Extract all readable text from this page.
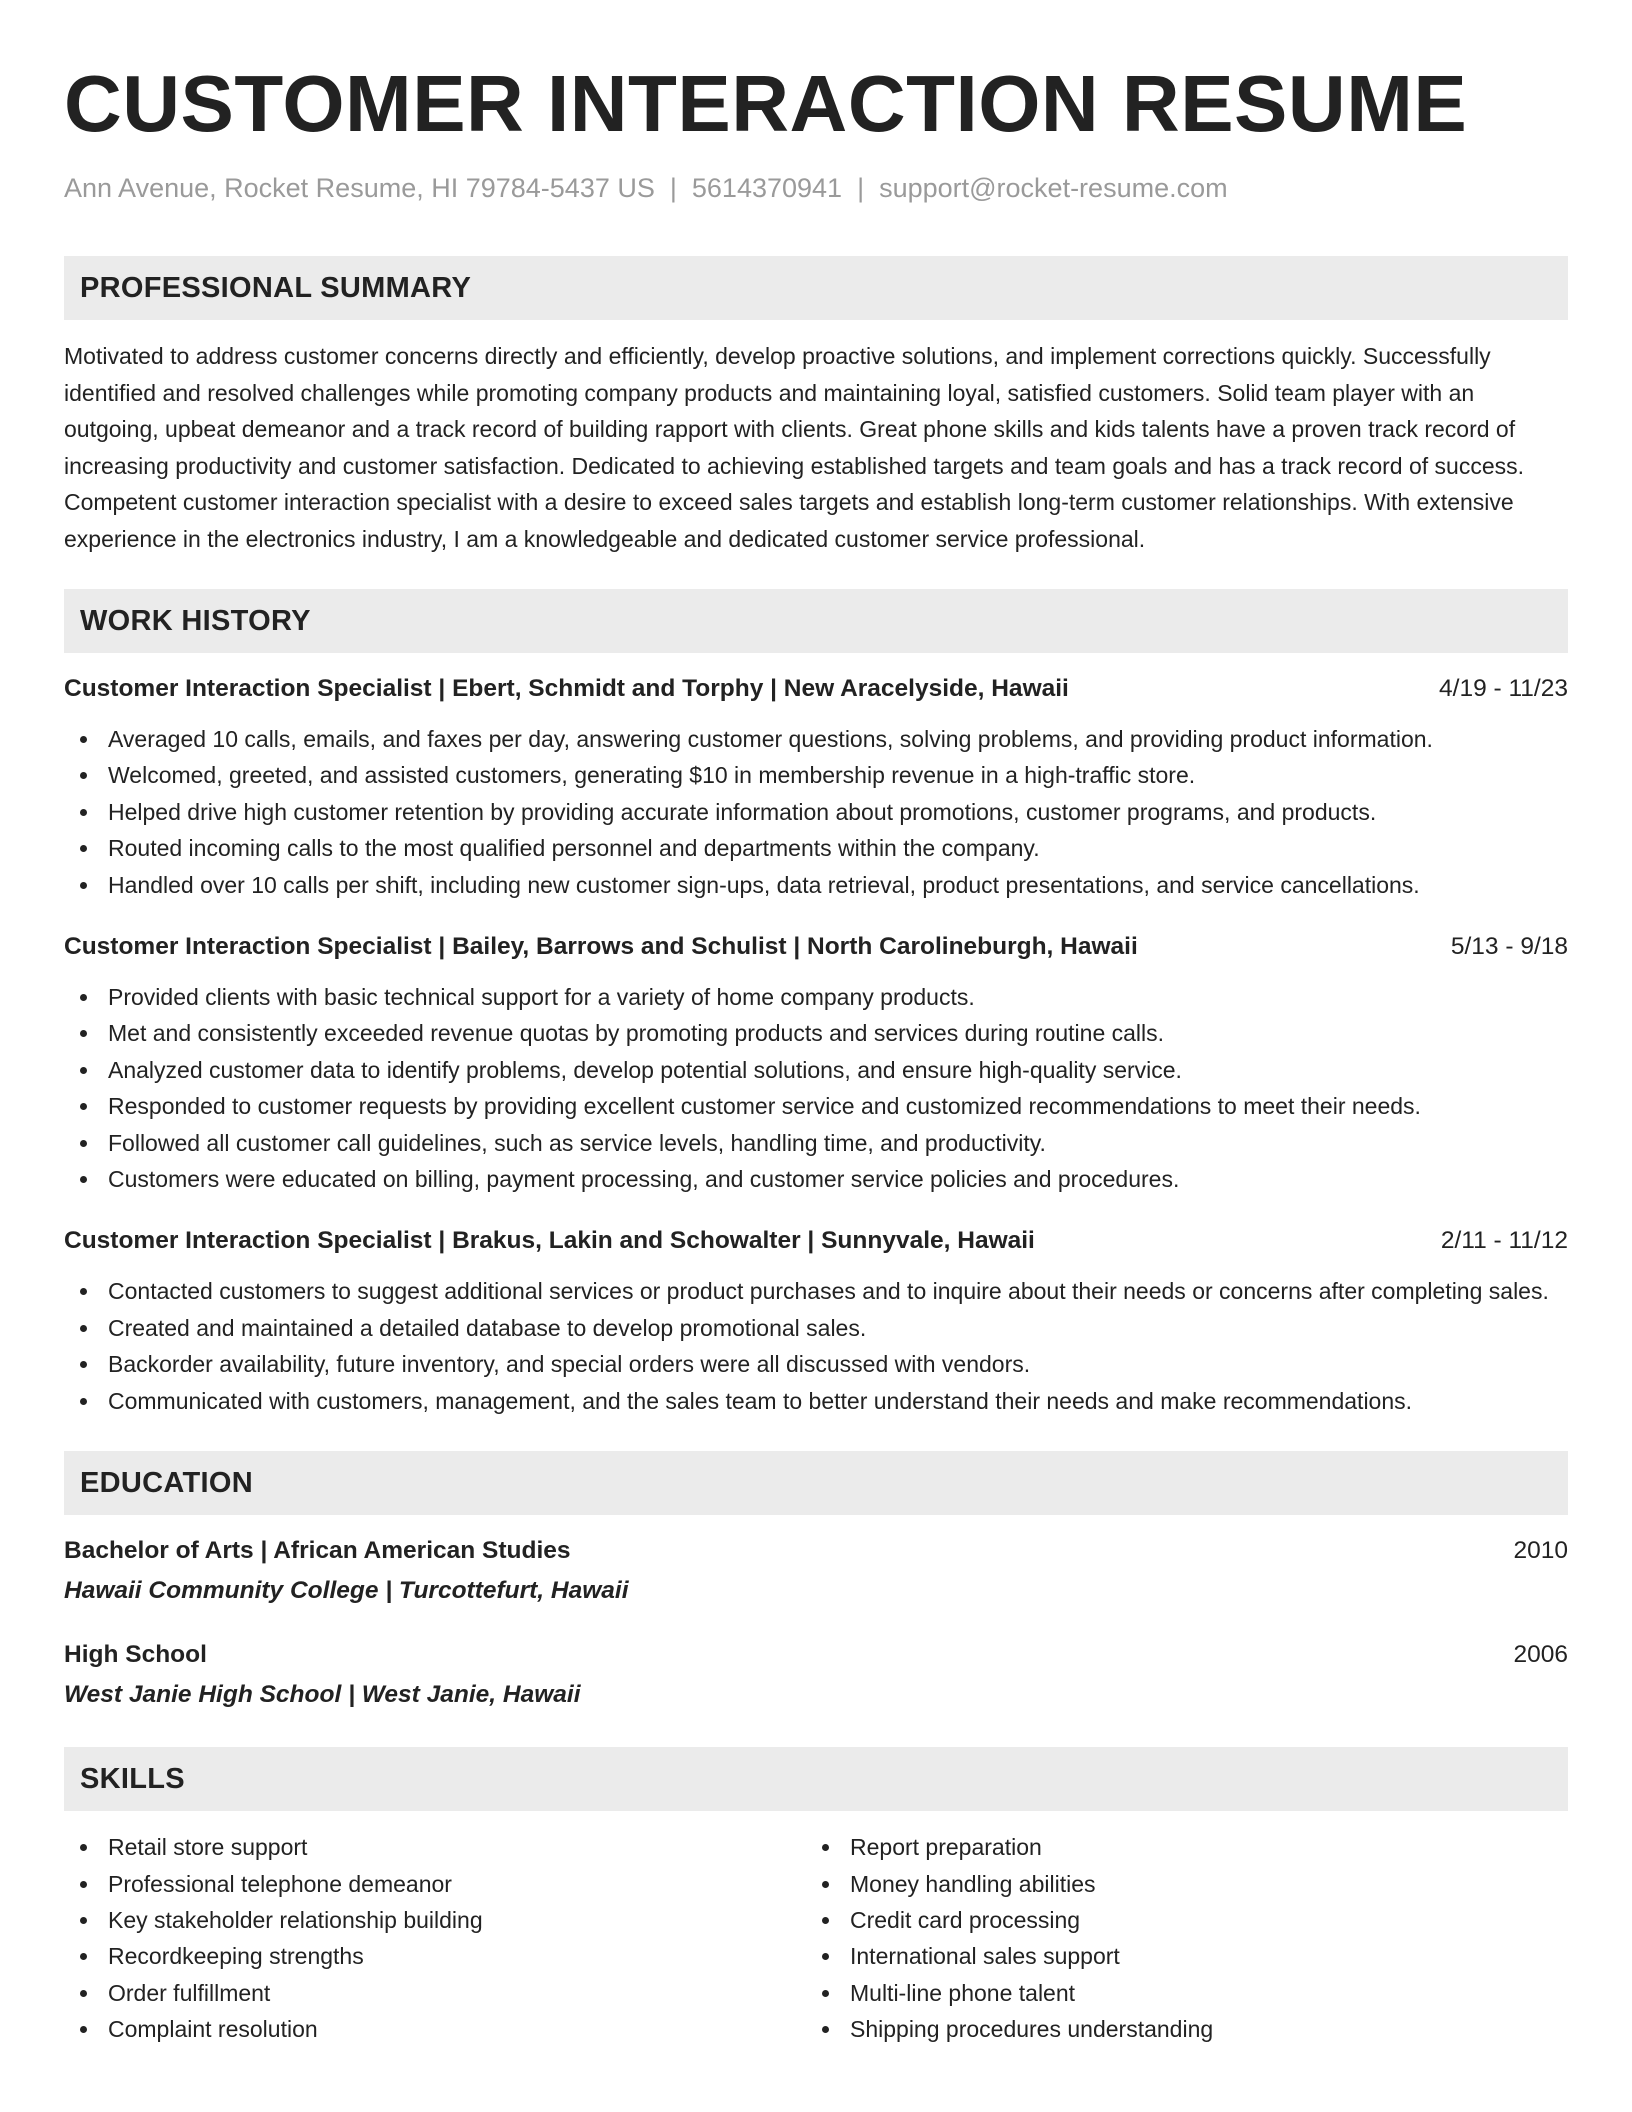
CUSTOMER INTERACTION RESUME
Ann Avenue, Rocket Resume, HI 79784-5437 US | 5614370941 | support@rocket-resume.com
PROFESSIONAL SUMMARY

Motivated to address customer concerns directly and efficiently, develop proactive solutions, and implement corrections quickly. Successfully identified and resolved challenges while promoting company products and maintaining loyal, satisfied customers. Solid team player with an outgoing, upbeat demeanor and a track record of building rapport with clients. Great phone skills and kids talents have a proven track record of increasing productivity and customer satisfaction. Dedicated to achieving established targets and team goals and has a track record of success. Competent customer interaction specialist with a desire to exceed sales targets and establish long-term customer relationships. With extensive experience in the electronics industry, I am a knowledgeable and dedicated customer service professional.

WORK HISTORY
Customer Interaction Specialist | Ebert, Schmidt and Torphy | New Aracelyside, Hawaii	4/19 - 11/23
Averaged 10 calls, emails, and faxes per day, answering customer questions, solving problems, and providing product information.
Welcomed, greeted, and assisted customers, generating $10 in membership revenue in a high-traffic store.
Helped drive high customer retention by providing accurate information about promotions, customer programs, and products.
Routed incoming calls to the most qualified personnel and departments within the company.
Handled over 10 calls per shift, including new customer sign-ups, data retrieval, product presentations, and service cancellations.
Customer Interaction Specialist | Bailey, Barrows and Schulist | North Carolineburgh, Hawaii	5/13 - 9/18
Provided clients with basic technical support for a variety of home company products.
Met and consistently exceeded revenue quotas by promoting products and services during routine calls.
Analyzed customer data to identify problems, develop potential solutions, and ensure high-quality service.
Responded to customer requests by providing excellent customer service and customized recommendations to meet their needs.
Followed all customer call guidelines, such as service levels, handling time, and productivity.
Customers were educated on billing, payment processing, and customer service policies and procedures.
Customer Interaction Specialist | Brakus, Lakin and Schowalter | Sunnyvale, Hawaii	2/11 - 11/12
Contacted customers to suggest additional services or product purchases and to inquire about their needs or concerns after completing sales.
Created and maintained a detailed database to develop promotional sales.
Backorder availability, future inventory, and special orders were all discussed with vendors.
Communicated with customers, management, and the sales team to better understand their needs and make recommendations.
EDUCATION
Bachelor of Arts | African American Studies	2010
Hawaii Community College | Turcottefurt, Hawaii
High School	2006
West Janie High School | West Janie, Hawaii
SKILLS
Retail store support
Professional telephone demeanor
Key stakeholder relationship building
Recordkeeping strengths
Order fulfillment
Complaint resolution
Report preparation
Money handling abilities
Credit card processing
International sales support
Multi-line phone talent
Shipping procedures understanding
